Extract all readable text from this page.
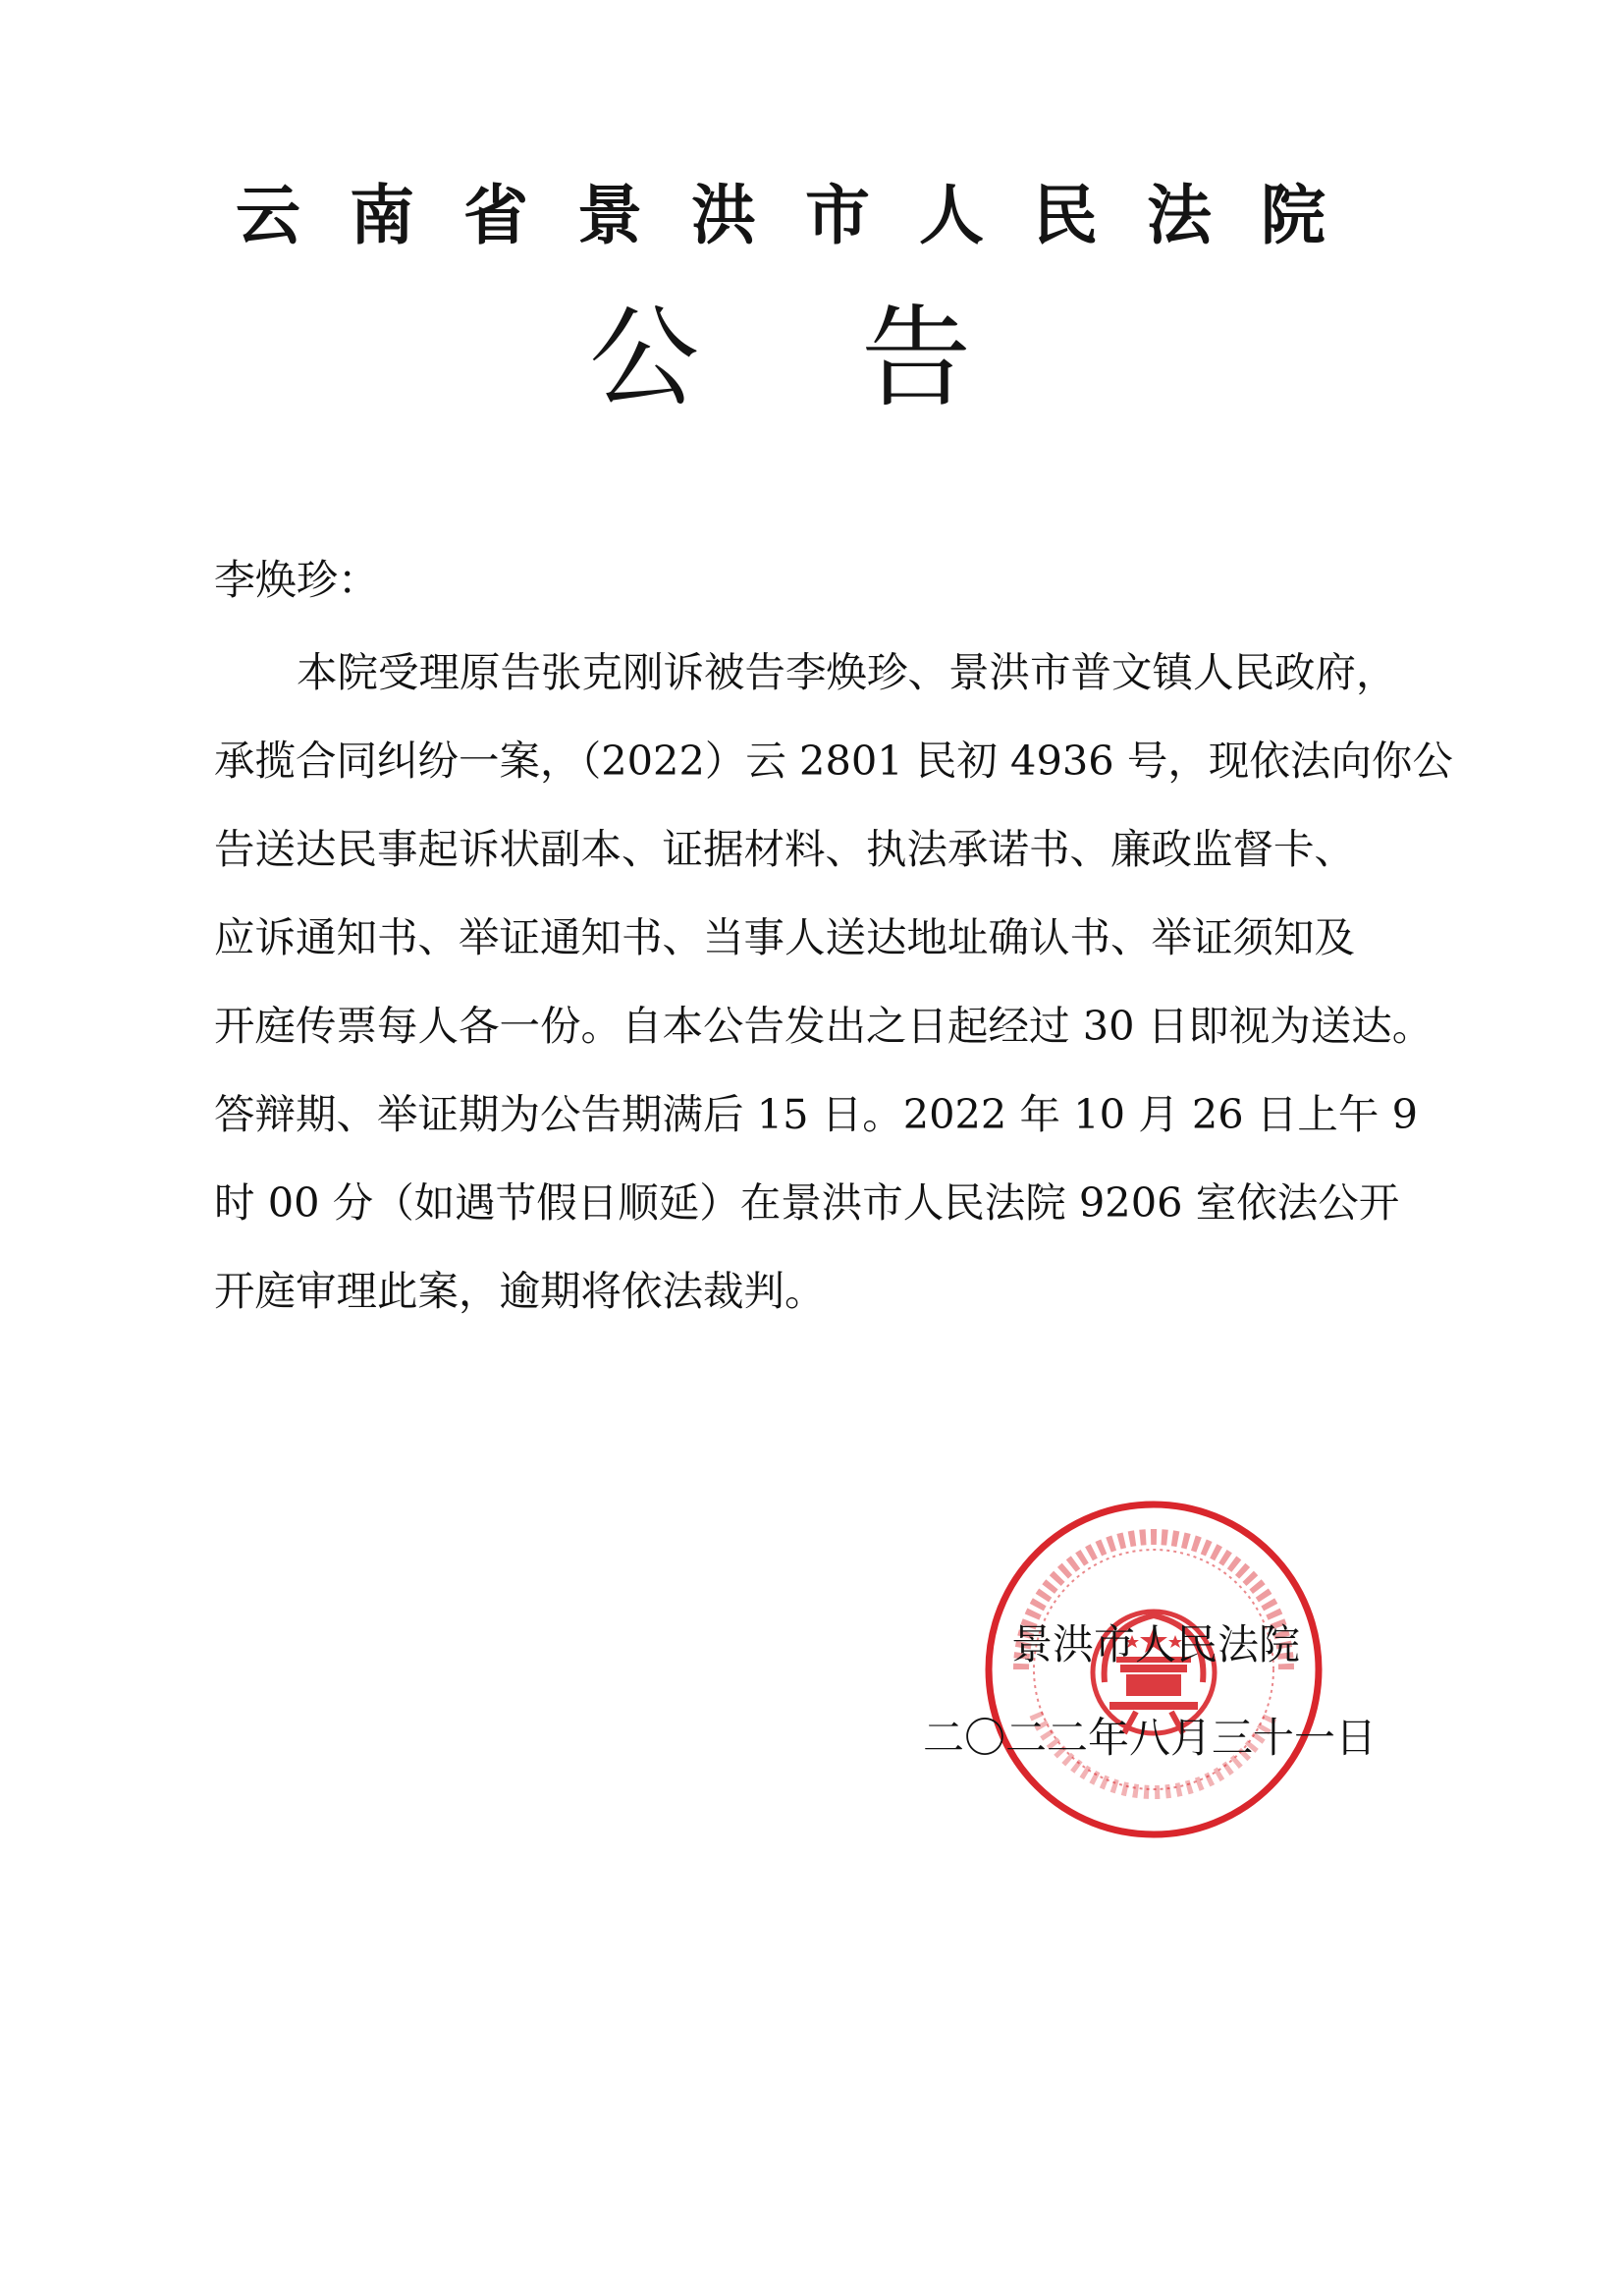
云南省景洪市人民法院
公告

李焕珍：

本院受理原告张克刚诉被告李焕珍、景洪市普文镇人民政府，
承揽合同纠纷一案，（2022）云 2801 民初 4936 号，现依法向你公
告送达民事起诉状副本、证据材料、执法承诺书、廉政监督卡、
应诉通知书、举证通知书、当事人送达地址确认书、举证须知及
开庭传票每人各一份。自本公告发出之日起经过 30 日即视为送达。
答辩期、举证期为公告期满后 15 日。2022 年 10 月 26 日上午 9
时 00 分（如遇节假日顺延）在景洪市人民法院 9206 室依法公开
开庭审理此案，逾期将依法裁判。

景洪市人民法院

二〇二二年八月三十一日
